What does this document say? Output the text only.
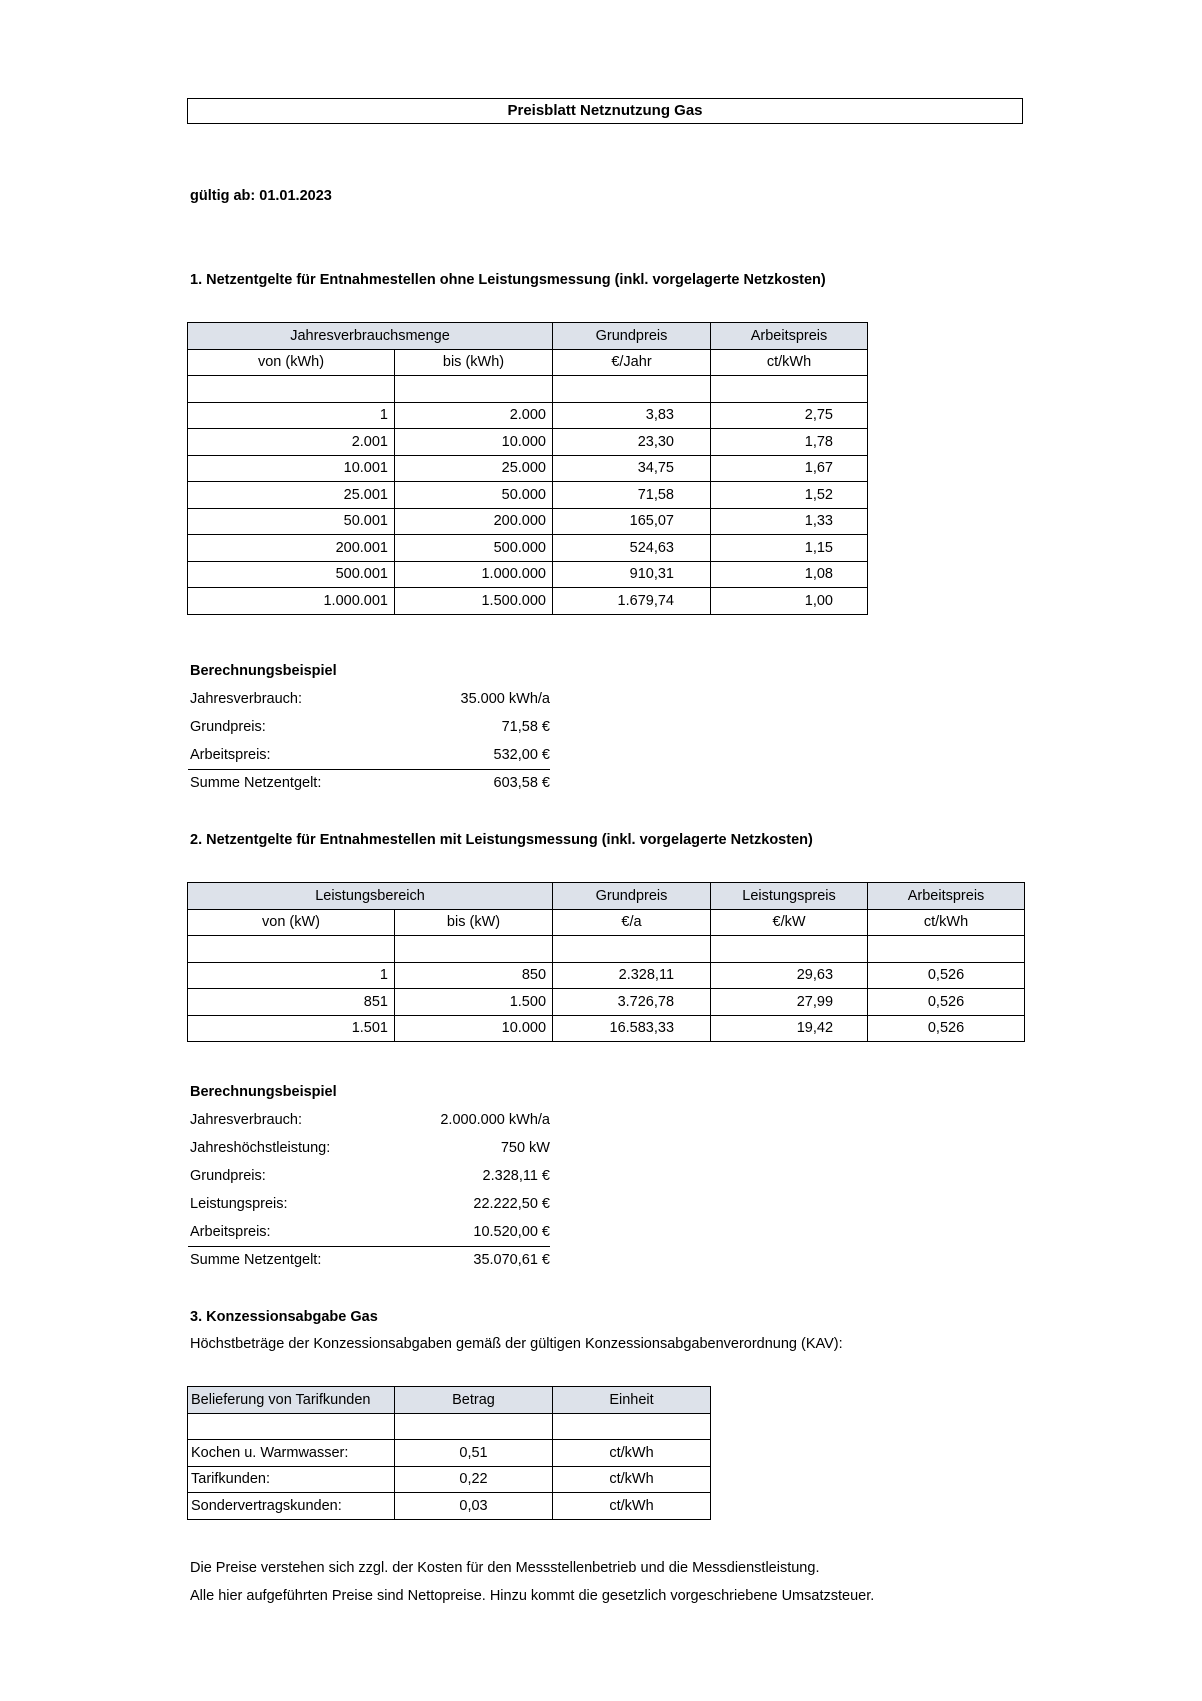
Preisblatt Netznutzung Gas
gültig ab: 01.01.2023
1. Netzentgelte für Entnahmestellen ohne Leistungsmessung (inkl. vorgelagerte Netzkosten)
Jahresverbrauchsmenge		Grundpreis	Arbeitspreis
von (kWh)	bis (kWh)	€/Jahr	ct/kWh

1	2.000	3,83	2,75
2.001	10.000	23,30	1,78
10.001	25.000	34,75	1,67
25.001	50.000	71,58	1,52
50.001	200.000	165,07	1,33
200.001	500.000	524,63	1,15
500.001	1.000.000	910,31	1,08
1.000.001	1.500.000	1.679,74	1,00
Berechnungsbeispiel
Jahresverbrauch:	35.000 kWh/a
Grundpreis:	71,58 €
Arbeitspreis:	532,00 €
Summe Netzentgelt:	603,58 €
2. Netzentgelte für Entnahmestellen mit Leistungsmessung (inkl. vorgelagerte Netzkosten)
Leistungsbereich		Grundpreis	Leistungspreis	Arbeitspreis
von (kW)	bis (kW)	€/a	€/kW	ct/kWh

1	850	2.328,11	29,63	0,526
851	1.500	3.726,78	27,99	0,526
1.501	10.000	16.583,33	19,42	0,526
Berechnungsbeispiel
Jahresverbrauch:	2.000.000 kWh/a
Jahreshöchstleistung:	750 kW
Grundpreis:	2.328,11 €
Leistungspreis:	22.222,50 €
Arbeitspreis:	10.520,00 €
Summe Netzentgelt:	35.070,61 €
3. Konzessionsabgabe Gas
Höchstbeträge der Konzessionsabgaben gemäß der gültigen Konzessionsabgabenverordnung (KAV):
Belieferung von Tarifkunden	Betrag	Einheit

Kochen u. Warmwasser:	0,51	ct/kWh
Tarifkunden:	0,22	ct/kWh
Sondervertragskunden:	0,03	ct/kWh
Die Preise verstehen sich zzgl. der Kosten für den Messstellenbetrieb und die Messdienstleistung.
Alle hier aufgeführten Preise sind Nettopreise. Hinzu kommt die gesetzlich vorgeschriebene Umsatzsteuer.
